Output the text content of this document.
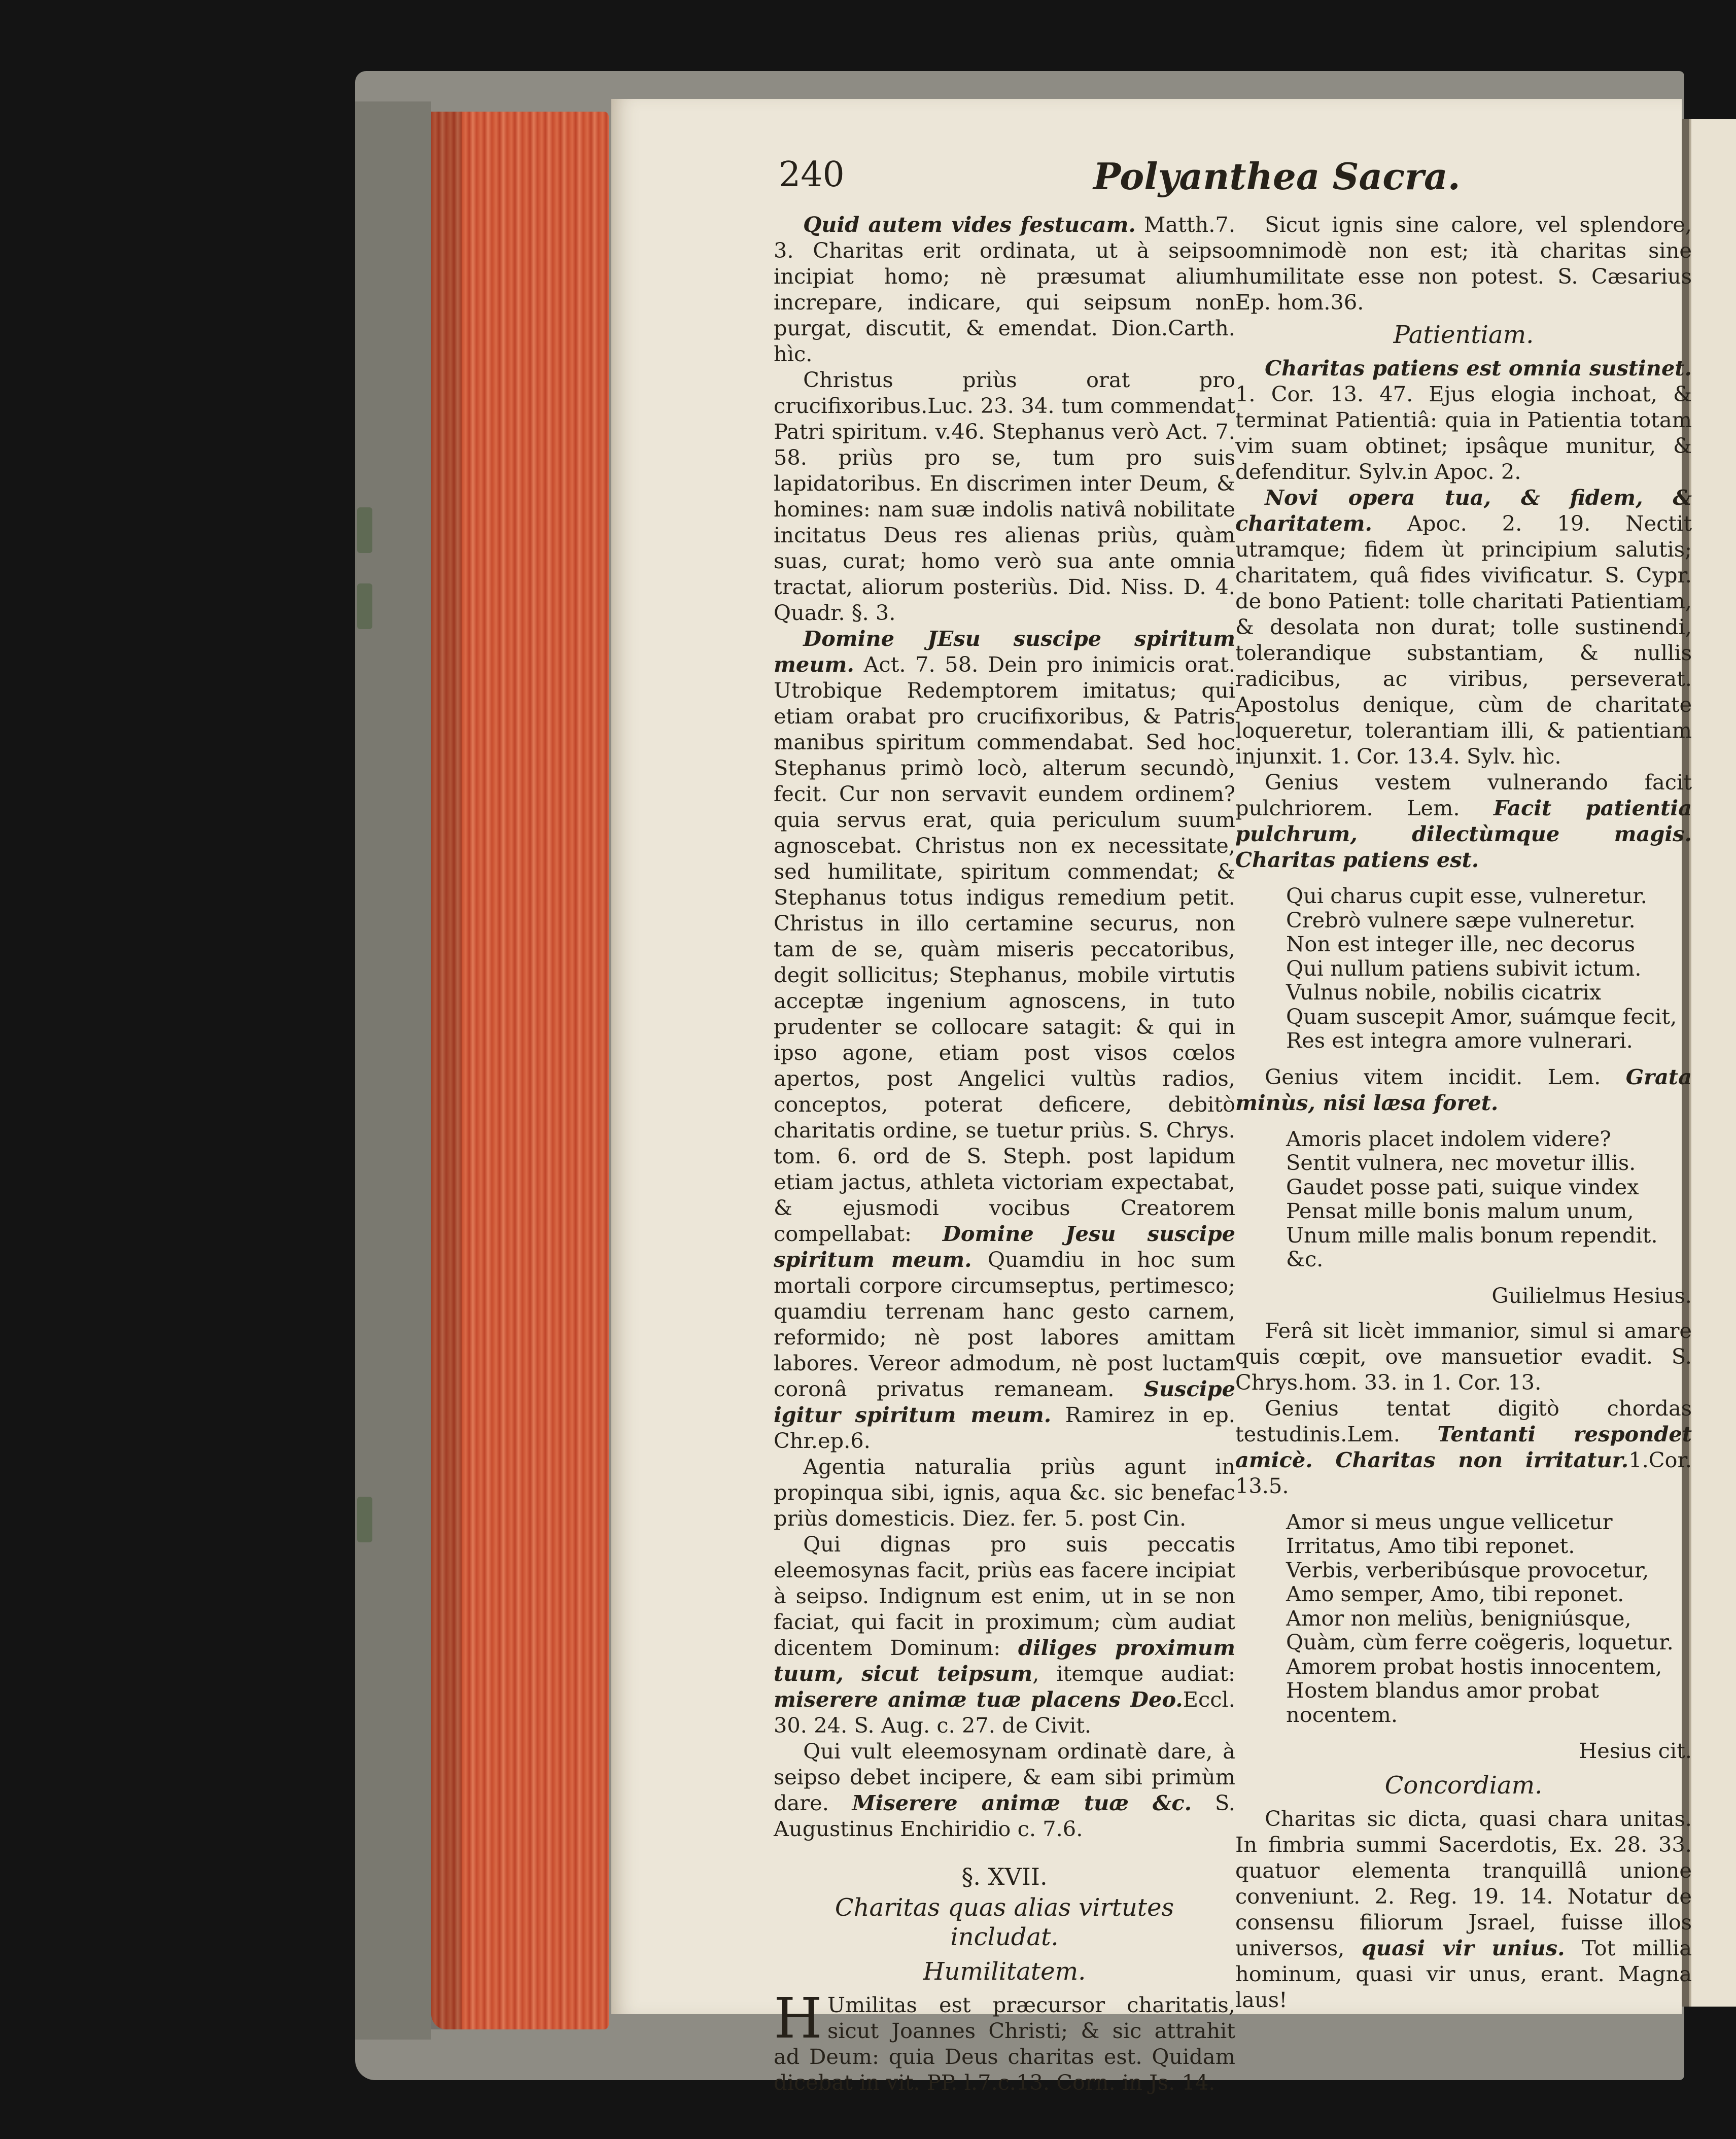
240	Polyanthea Sacra.

Quid autem vides festucam. Matth.7. 3. Charitas erit ordinata, ut à seipso incipiat homo; nè præsumat alium increpare, indicare, qui seipsum non purgat, discutit, & emendat. Dion.Carth. hìc.

Christus priùs orat pro crucifixoribus.Luc. 23. 34. tum commendat Patri spiritum. v.46. Stephanus verò Act. 7. 58. priùs pro se, tum pro suis lapidatoribus. En discrimen inter Deum, & homines: nam suæ indolis nativâ nobilitate incitatus Deus res alienas priùs, quàm suas, curat; homo verò sua ante omnia tractat, aliorum posteriùs. Did. Niss. D. 4. Quadr. §. 3.

Domine JEsu suscipe spiritum meum. Act. 7. 58. Dein pro inimicis orat. Utrobique Redemptorem imitatus; qui etiam orabat pro crucifixoribus, & Patris manibus spiritum commendabat. Sed hoc Stephanus primò locò, alterum secundò, fecit. Cur non servavit eundem ordinem? quia servus erat, quia periculum suum agnoscebat. Christus non ex necessitate, sed humilitate, spiritum commendat; & Stephanus totus indigus remedium petit. Christus in illo certamine securus, non tam de se, quàm miseris peccatoribus, degit sollicitus; Stephanus, mobile virtutis acceptæ ingenium agnoscens, in tuto prudenter se collocare satagit: & qui in ipso agone, etiam post visos cœlos apertos, post Angelici vultùs radios, conceptos, poterat deficere, debitò charitatis ordine, se tuetur priùs. S. Chrys. tom. 6. ord de S. Steph. post lapidum etiam jactus, athleta victoriam expectabat, & ejusmodi vocibus Creatorem compellabat: Domine Jesu suscipe spiritum meum. Quamdiu in hoc sum mortali corpore circumseptus, pertimesco; quamdiu terrenam hanc gesto carnem, reformido; nè post labores amittam labores. Vereor admodum, nè post luctam coronâ privatus remaneam. Suscipe igitur spiritum meum. Ramirez in ep. Chr.ep.6.

Agentia naturalia priùs agunt in propinqua sibi, ignis, aqua &c. sic benefac priùs domesticis. Diez. fer. 5. post Cin.

Qui dignas pro suis peccatis eleemosynas facit, priùs eas facere incipiat à seipso. Indignum est enim, ut in se non faciat, qui facit in proximum; cùm audiat dicentem Dominum: diliges proximum tuum, sicut teipsum, itemque audiat: miserere animæ tuæ placens Deo.Eccl. 30. 24. S. Aug. c. 27. de Civit.

Qui vult eleemosynam ordinatè dare, à seipso debet incipere, & eam sibi primùm dare. Miserere animæ tuæ &c. S. Augustinus Enchiridio c. 7.6.

§. XVII.
Charitas quas alias virtutes includat.
Humilitatem.

H Umilitas est præcursor charitatis, sicut Joannes Christi; & sic attrahit ad Deum: quia Deus charitas est. Quidam dicebat in vit. PP. l.7.c.13. Corn. in Js. 14.

Sicut ignis sine calore, vel splendore, omnimodè non est; ità charitas sine humilitate esse non potest. S. Cæsarius Ep. hom.36.

Patientiam.

Charitas patiens est omnia sustinet. 1. Cor. 13. 47. Ejus elogia inchoat, & terminat Patientiâ: quia in Patientia totam vim suam obtinet; ipsâque munitur, & defenditur. Sylv.in Apoc. 2.

Novi opera tua, & fidem, & charitatem. Apoc. 2. 19. Nectit utramque; fidem ùt principium salutis; charitatem, quâ fides vivificatur. S. Cypr. de bono Patient: tolle charitati Patientiam, & desolata non durat; tolle sustinendi, tolerandique substantiam, & nullis radicibus, ac viribus, perseverat. Apostolus denique, cùm de charitate loqueretur, tolerantiam illi, & patientiam injunxit. 1. Cor. 13.4. Sylv. hìc.

Genius vestem vulnerando facit pulchriorem. Lem. Facit patientia pulchrum, dilectùmque magis. Charitas patiens est.

Qui charus cupit esse, vulneretur.
Crebrò vulnere sæpe vulneretur.
Non est integer ille, nec decorus
Qui nullum patiens subivit ictum.
Vulnus nobile, nobilis cicatrix
Quam suscepit Amor, suámque fecit,
Res est integra amore vulnerari.

Genius vitem incidit. Lem. Grata minùs, nisi læsa foret.

Amoris placet indolem videre?
Sentit vulnera, nec movetur illis.
Gaudet posse pati, suique vindex
Pensat mille bonis malum unum,
Unum mille malis bonum rependit. &c.
Guilielmus Hesius.

Ferâ sit licèt immanior, simul si amare quis cœpit, ove mansuetior evadit. S. Chrys.hom. 33. in 1. Cor. 13.

Genius tentat digitò chordas testudinis.Lem. Tentanti respondet amicè. Charitas non irritatur.1.Cor. 13.5.

Amor si meus ungue vellicetur
Irritatus, Amo tibi reponet.
Verbis, verberibúsque provocetur,
Amo semper, Amo, tibi reponet.
Amor non meliùs, benigniúsque,
Quàm, cùm ferre coëgeris, loquetur.
Amorem probat hostis innocentem,
Hostem blandus amor probat nocentem.
Hesius cit.
Concordiam.

Charitas sic dicta, quasi chara unitas. In fimbria summi Sacerdotis, Ex. 28. 33. quatuor elementa tranquillâ unione conveniunt. 2. Reg. 19. 14. Notatur de consensu filiorum Jsrael, fuisse illos universos, quasi vir unius. Tot millia hominum, quasi vir unus, erant. Magna laus!
